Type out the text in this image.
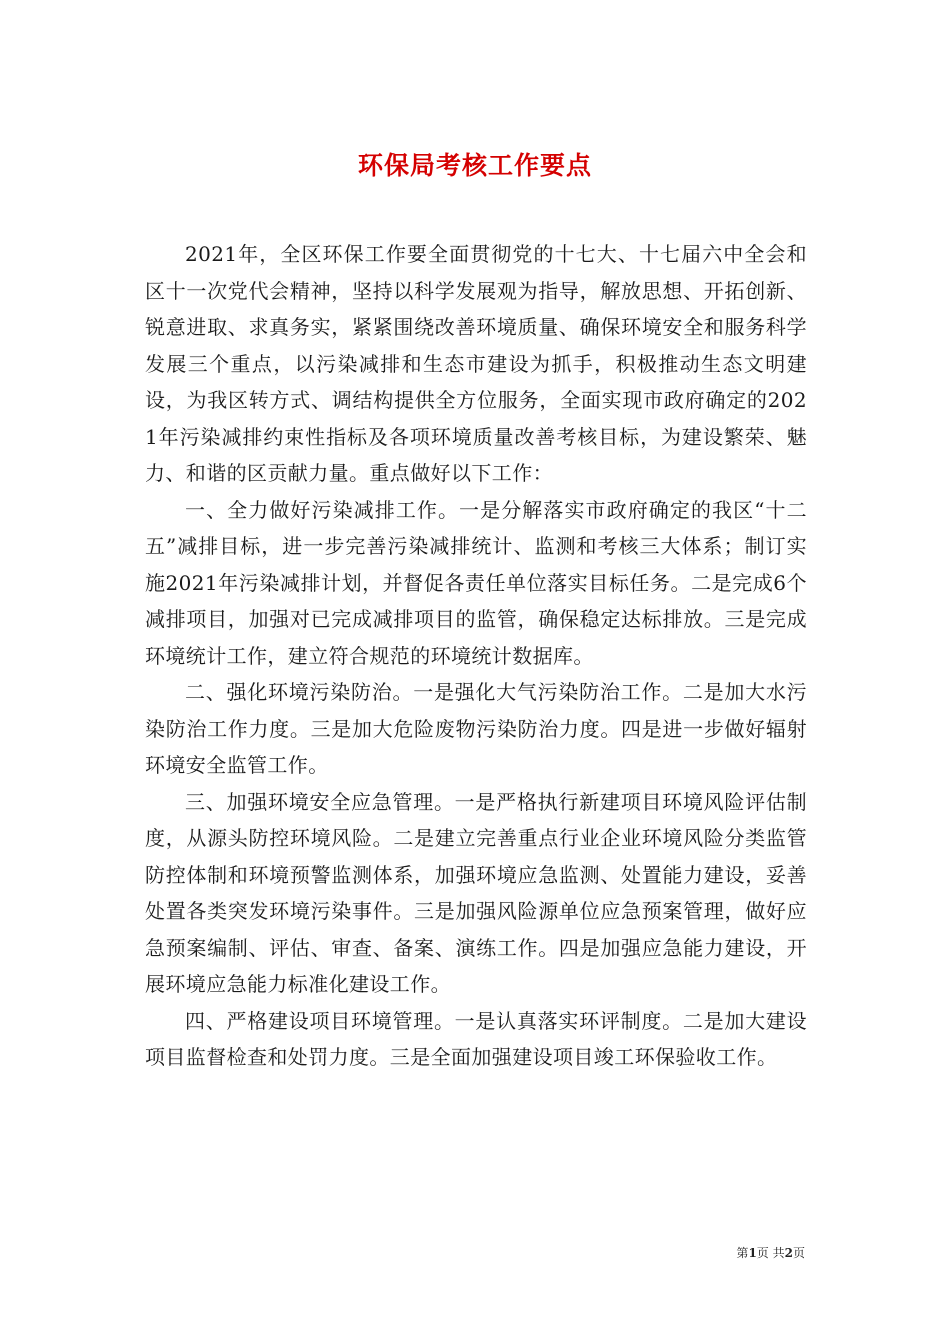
环保局考核工作要点

2021年，全区环保工作要全面贯彻党的十七大、十七届六中全会和区十一次党代会精神，坚持以科学发展观为指导，解放思想、开拓创新、锐意进取、求真务实，紧紧围绕改善环境质量、确保环境安全和服务科学发展三个重点，以污染减排和生态市建设为抓手，积极推动生态文明建设，为我区转方式、调结构提供全方位服务，全面实现市政府确定的2021年污染减排约束性指标及各项环境质量改善考核目标，为建设繁荣、魅力、和谐的区贡献力量。重点做好以下工作：

一、全力做好污染减排工作。一是分解落实市政府确定的我区“十二五”减排目标，进一步完善污染减排统计、监测和考核三大体系；制订实施2021年污染减排计划，并督促各责任单位落实目标任务。二是完成6个减排项目，加强对已完成减排项目的监管，确保稳定达标排放。三是完成环境统计工作，建立符合规范的环境统计数据库。

二、强化环境污染防治。一是强化大气污染防治工作。二是加大水污染防治工作力度。三是加大危险废物污染防治力度。四是进一步做好辐射环境安全监管工作。

三、加强环境安全应急管理。一是严格执行新建项目环境风险评估制度，从源头防控环境风险。二是建立完善重点行业企业环境风险分类监管防控体制和环境预警监测体系，加强环境应急监测、处置能力建设，妥善处置各类突发环境污染事件。三是加强风险源单位应急预案管理，做好应急预案编制、评估、审查、备案、演练工作。四是加强应急能力建设，开展环境应急能力标准化建设工作。

四、严格建设项目环境管理。一是认真落实环评制度。二是加大建设项目监督检查和处罚力度。三是全面加强建设项目竣工环保验收工作。

第1页 共2页
